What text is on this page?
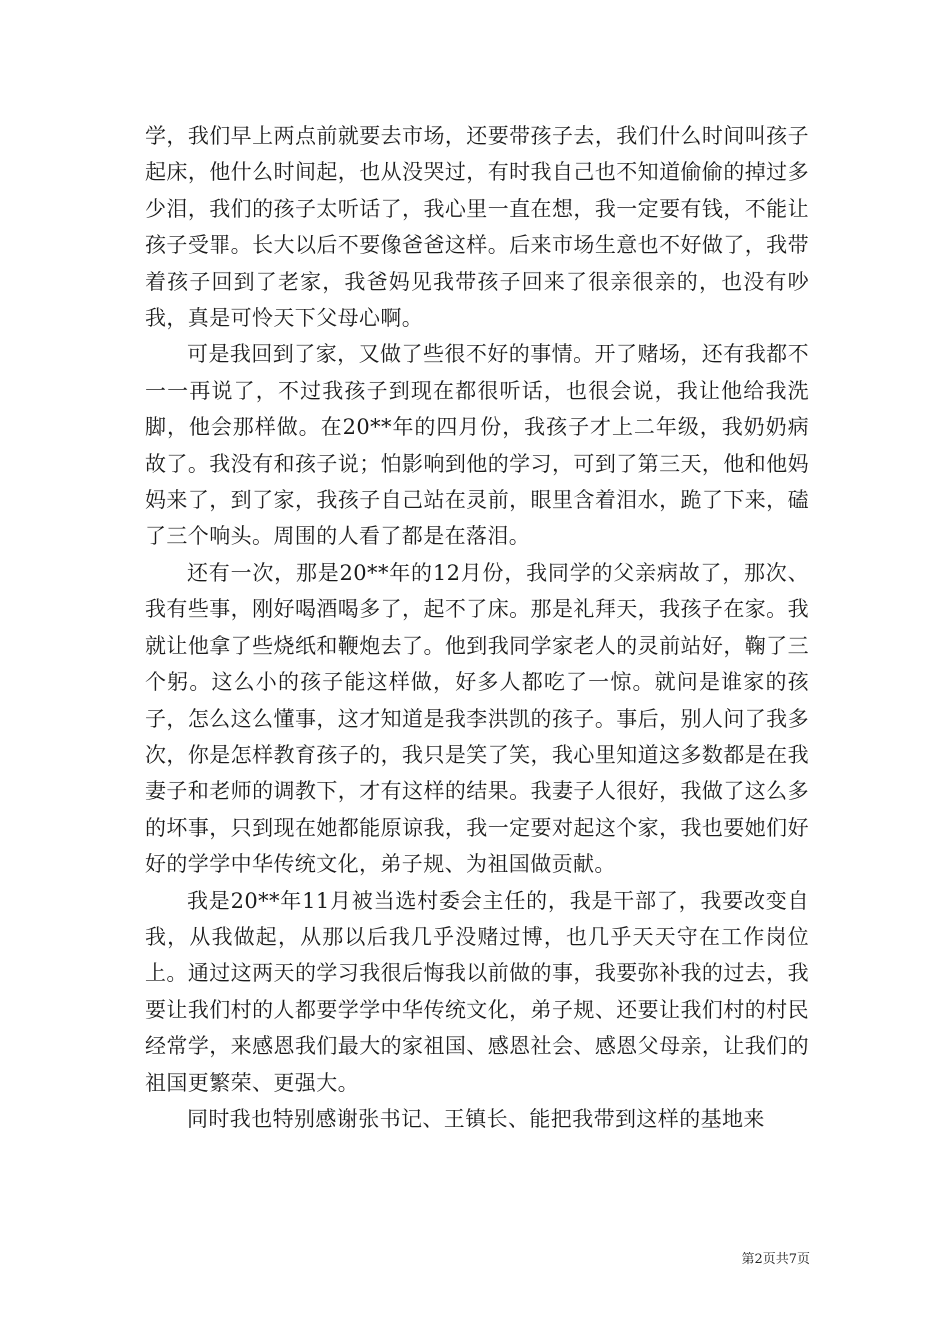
学，我们早上两点前就要去市场，还要带孩子去，我们什么时间叫孩子起床，他什么时间起，也从没哭过，有时我自己也不知道偷偷的掉过多少泪，我们的孩子太听话了，我心里一直在想，我一定要有钱，不能让孩子受罪。长大以后不要像爸爸这样。后来市场生意也不好做了，我带着孩子回到了老家，我爸妈见我带孩子回来了很亲很亲的，也没有吵我，真是可怜天下父母心啊。

可是我回到了家，又做了些很不好的事情。开了赌场，还有我都不一一再说了，不过我孩子到现在都很听话，也很会说，我让他给我洗脚，他会那样做。在20**年的四月份，我孩子才上二年级，我奶奶病故了。我没有和孩子说；怕影响到他的学习，可到了第三天，他和他妈妈来了，到了家，我孩子自己站在灵前，眼里含着泪水，跪了下来，磕了三个响头。周围的人看了都是在落泪。

还有一次，那是20**年的12月份，我同学的父亲病故了，那次、我有些事，刚好喝酒喝多了，起不了床。那是礼拜天，我孩子在家。我就让他拿了些烧纸和鞭炮去了。他到我同学家老人的灵前站好，鞠了三个躬。这么小的孩子能这样做，好多人都吃了一惊。就问是谁家的孩子，怎么这么懂事，这才知道是我李洪凯的孩子。事后，别人问了我多次，你是怎样教育孩子的，我只是笑了笑，我心里知道这多数都是在我妻子和老师的调教下，才有这样的结果。我妻子人很好，我做了这么多的坏事，只到现在她都能原谅我，我一定要对起这个家，我也要她们好好的学学中华传统文化，弟子规、为祖国做贡献。

我是20**年11月被当选村委会主任的，我是干部了，我要改变自我，从我做起，从那以后我几乎没赌过博，也几乎天天守在工作岗位上。通过这两天的学习我很后悔我以前做的事，我要弥补我的过去，我要让我们村的人都要学学中华传统文化，弟子规、还要让我们村的村民经常学，来感恩我们最大的家祖国、感恩社会、感恩父母亲，让我们的祖国更繁荣、更强大。

同时我也特别感谢张书记、王镇长、能把我带到这样的基地来

第2页共7页
